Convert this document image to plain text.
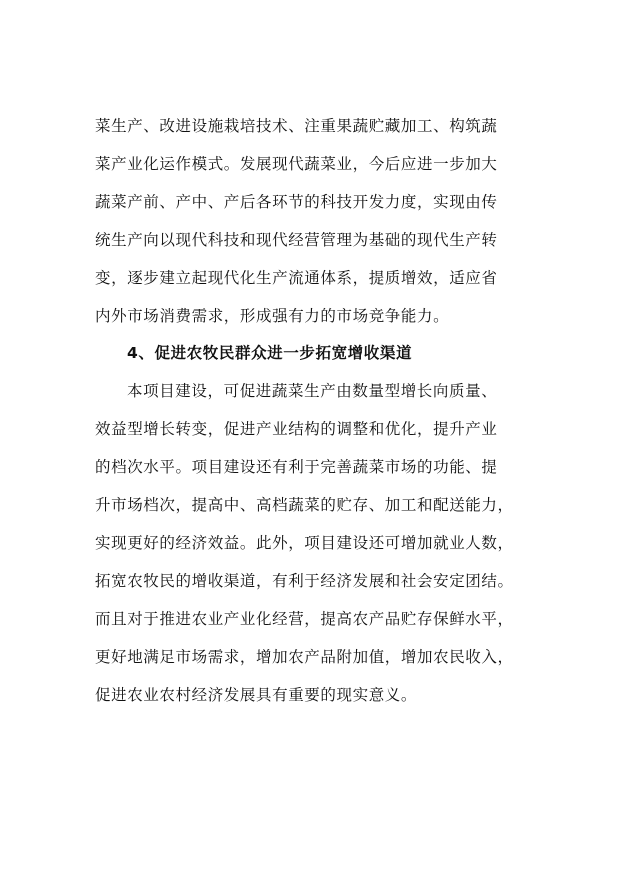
菜生产、改进设施栽培技术、注重果蔬贮藏加工、构筑蔬
菜产业化运作模式。发展现代蔬菜业，今后应进一步加大
蔬菜产前、产中、产后各环节的科技开发力度，实现由传
统生产向以现代科技和现代经营管理为基础的现代生产转
变，逐步建立起现代化生产流通体系，提质增效，适应省
内外市场消费需求，形成强有力的市场竞争能力。
4、促进农牧民群众进一步拓宽增收渠道
本项目建设，可促进蔬菜生产由数量型增长向质量、
效益型增长转变，促进产业结构的调整和优化，提升产业
的档次水平。项目建设还有利于完善蔬菜市场的功能、提
升市场档次，提高中、高档蔬菜的贮存、加工和配送能力，
实现更好的经济效益。此外，项目建设还可增加就业人数，
拓宽农牧民的增收渠道，有利于经济发展和社会安定团结。
而且对于推进农业产业化经营，提高农产品贮存保鲜水平，
更好地满足市场需求，增加农产品附加值，增加农民收入，
促进农业农村经济发展具有重要的现实意义。
